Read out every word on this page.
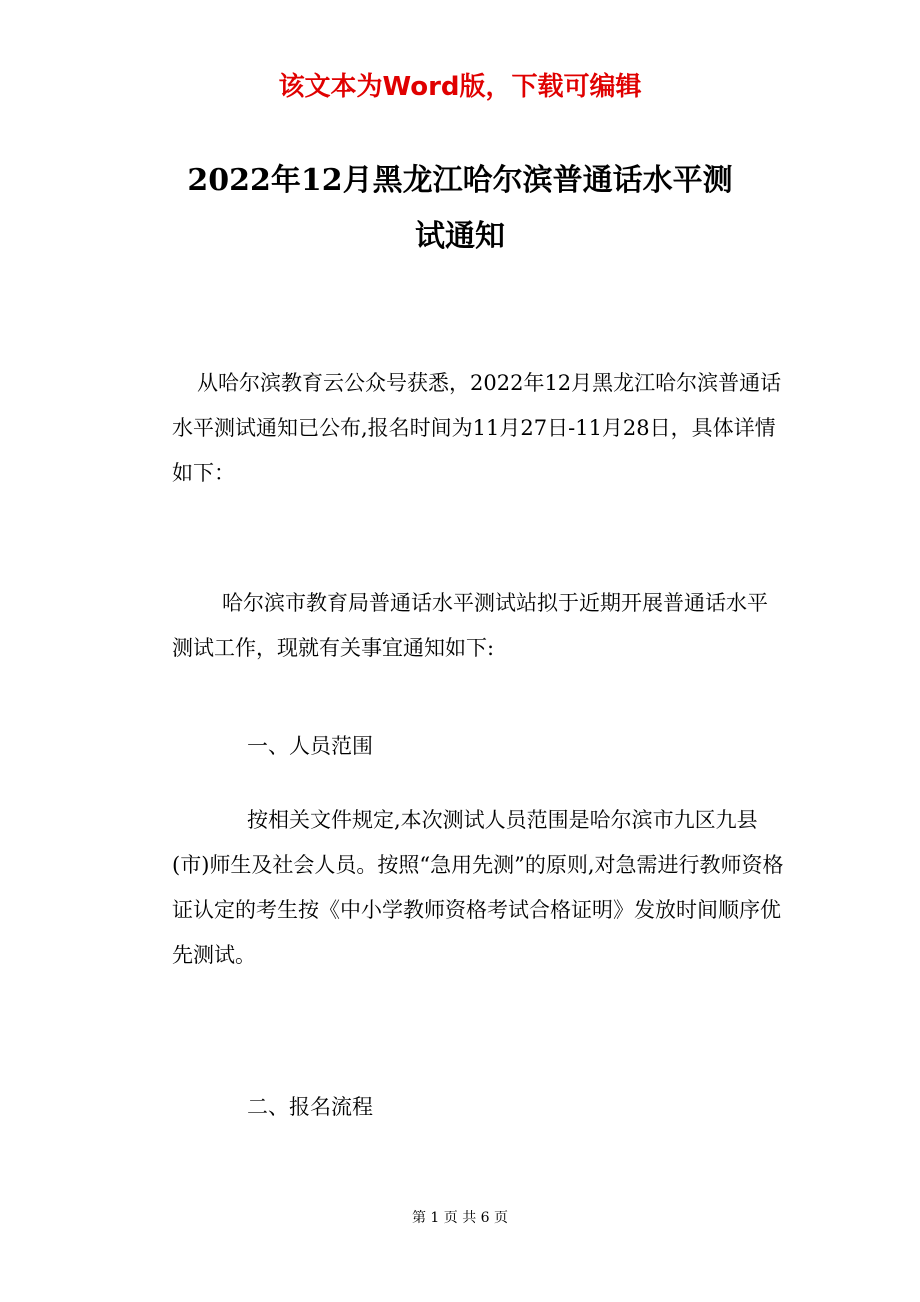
该文本为Word版，下载可编辑
2022年12月黑龙江哈尔滨普通话水平测
试通知

从哈尔滨教育云公众号获悉，2022年12月黑龙江哈尔滨普通话水平测试通知已公布,报名时间为11月27日-11月28日，具体详情如下：

哈尔滨市教育局普通话水平测试站拟于近期开展普通话水平测试工作，现就有关事宜通知如下:

一、人员范围

按相关文件规定,本次测试人员范围是哈尔滨市九区九县(市)师生及社会人员。按照“急用先测”的原则,对急需进行教师资格证认定的考生按《中小学教师资格考试合格证明》发放时间顺序优先测试。

二、报名流程

第 1 页 共 6 页
